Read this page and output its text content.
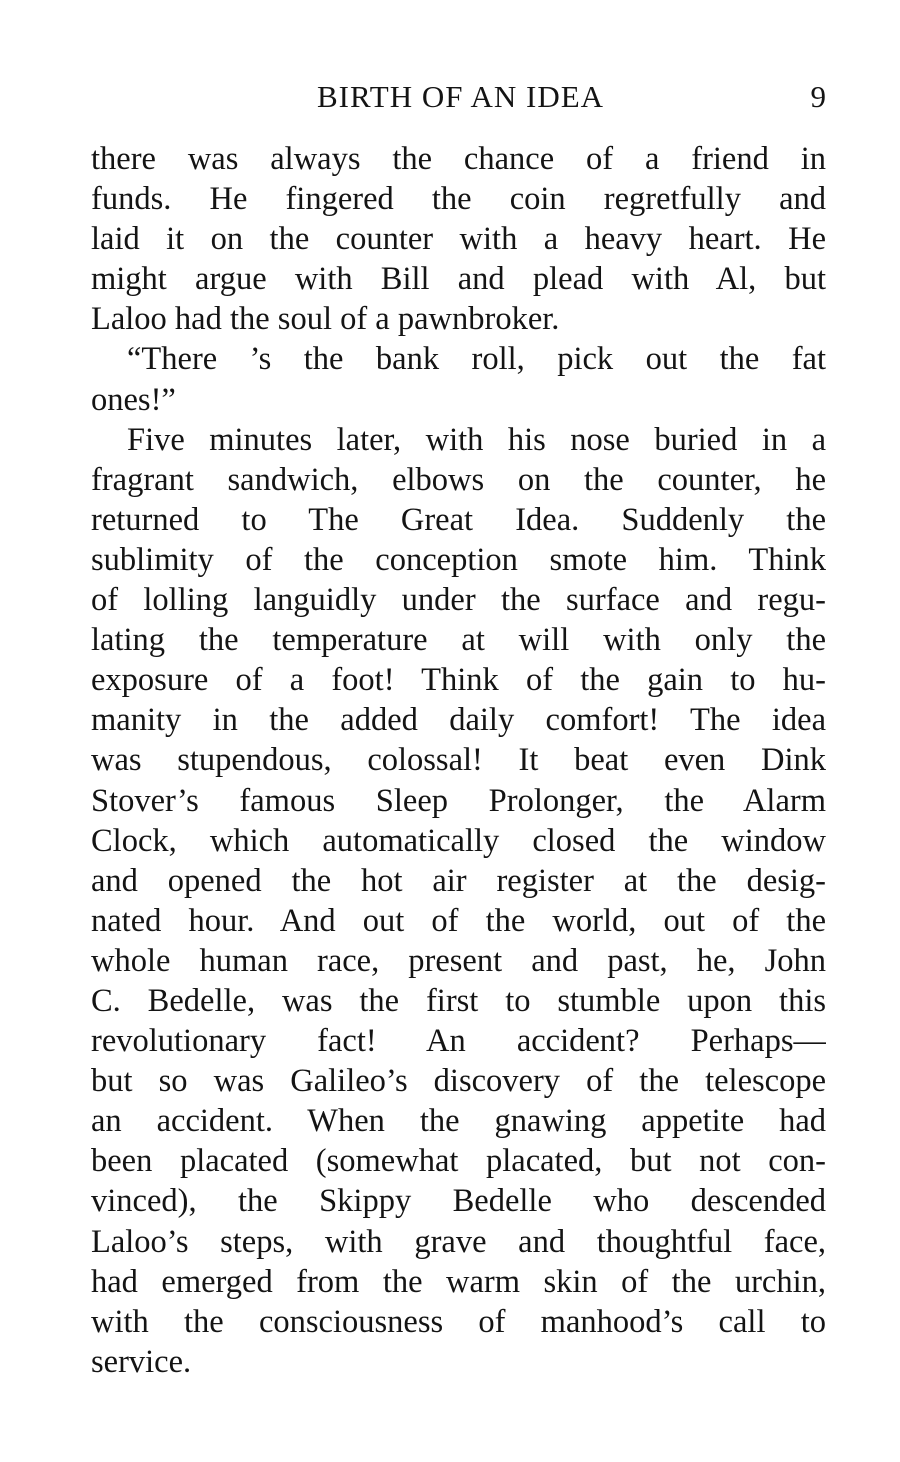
BIRTH OF AN IDEA	9
there was always the chance of a friend in
funds. He fingered the coin regretfully and
laid it on the counter with a heavy heart. He
might argue with Bill and plead with Al, but
Laloo had the soul of a pawnbroker.
“There ’s the bank roll, pick out the fat
ones!”
Five minutes later, with his nose buried in a
fragrant sandwich, elbows on the counter, he
returned to The Great Idea. Suddenly the
sublimity of the conception smote him. Think
of lolling languidly under the surface and regu-
lating the temperature at will with only the
exposure of a foot! Think of the gain to hu-
manity in the added daily comfort! The idea
was stupendous, colossal! It beat even Dink
Stover’s famous Sleep Prolonger, the Alarm
Clock, which automatically closed the window
and opened the hot air register at the desig-
nated hour. And out of the world, out of the
whole human race, present and past, he, John
C. Bedelle, was the first to stumble upon this
revolutionary fact! An accident? Perhaps—
but so was Galileo’s discovery of the telescope
an accident. When the gnawing appetite had
been placated (somewhat placated, but not con-
vinced), the Skippy Bedelle who descended
Laloo’s steps, with grave and thoughtful face,
had emerged from the warm skin of the urchin,
with the consciousness of manhood’s call to
service.
